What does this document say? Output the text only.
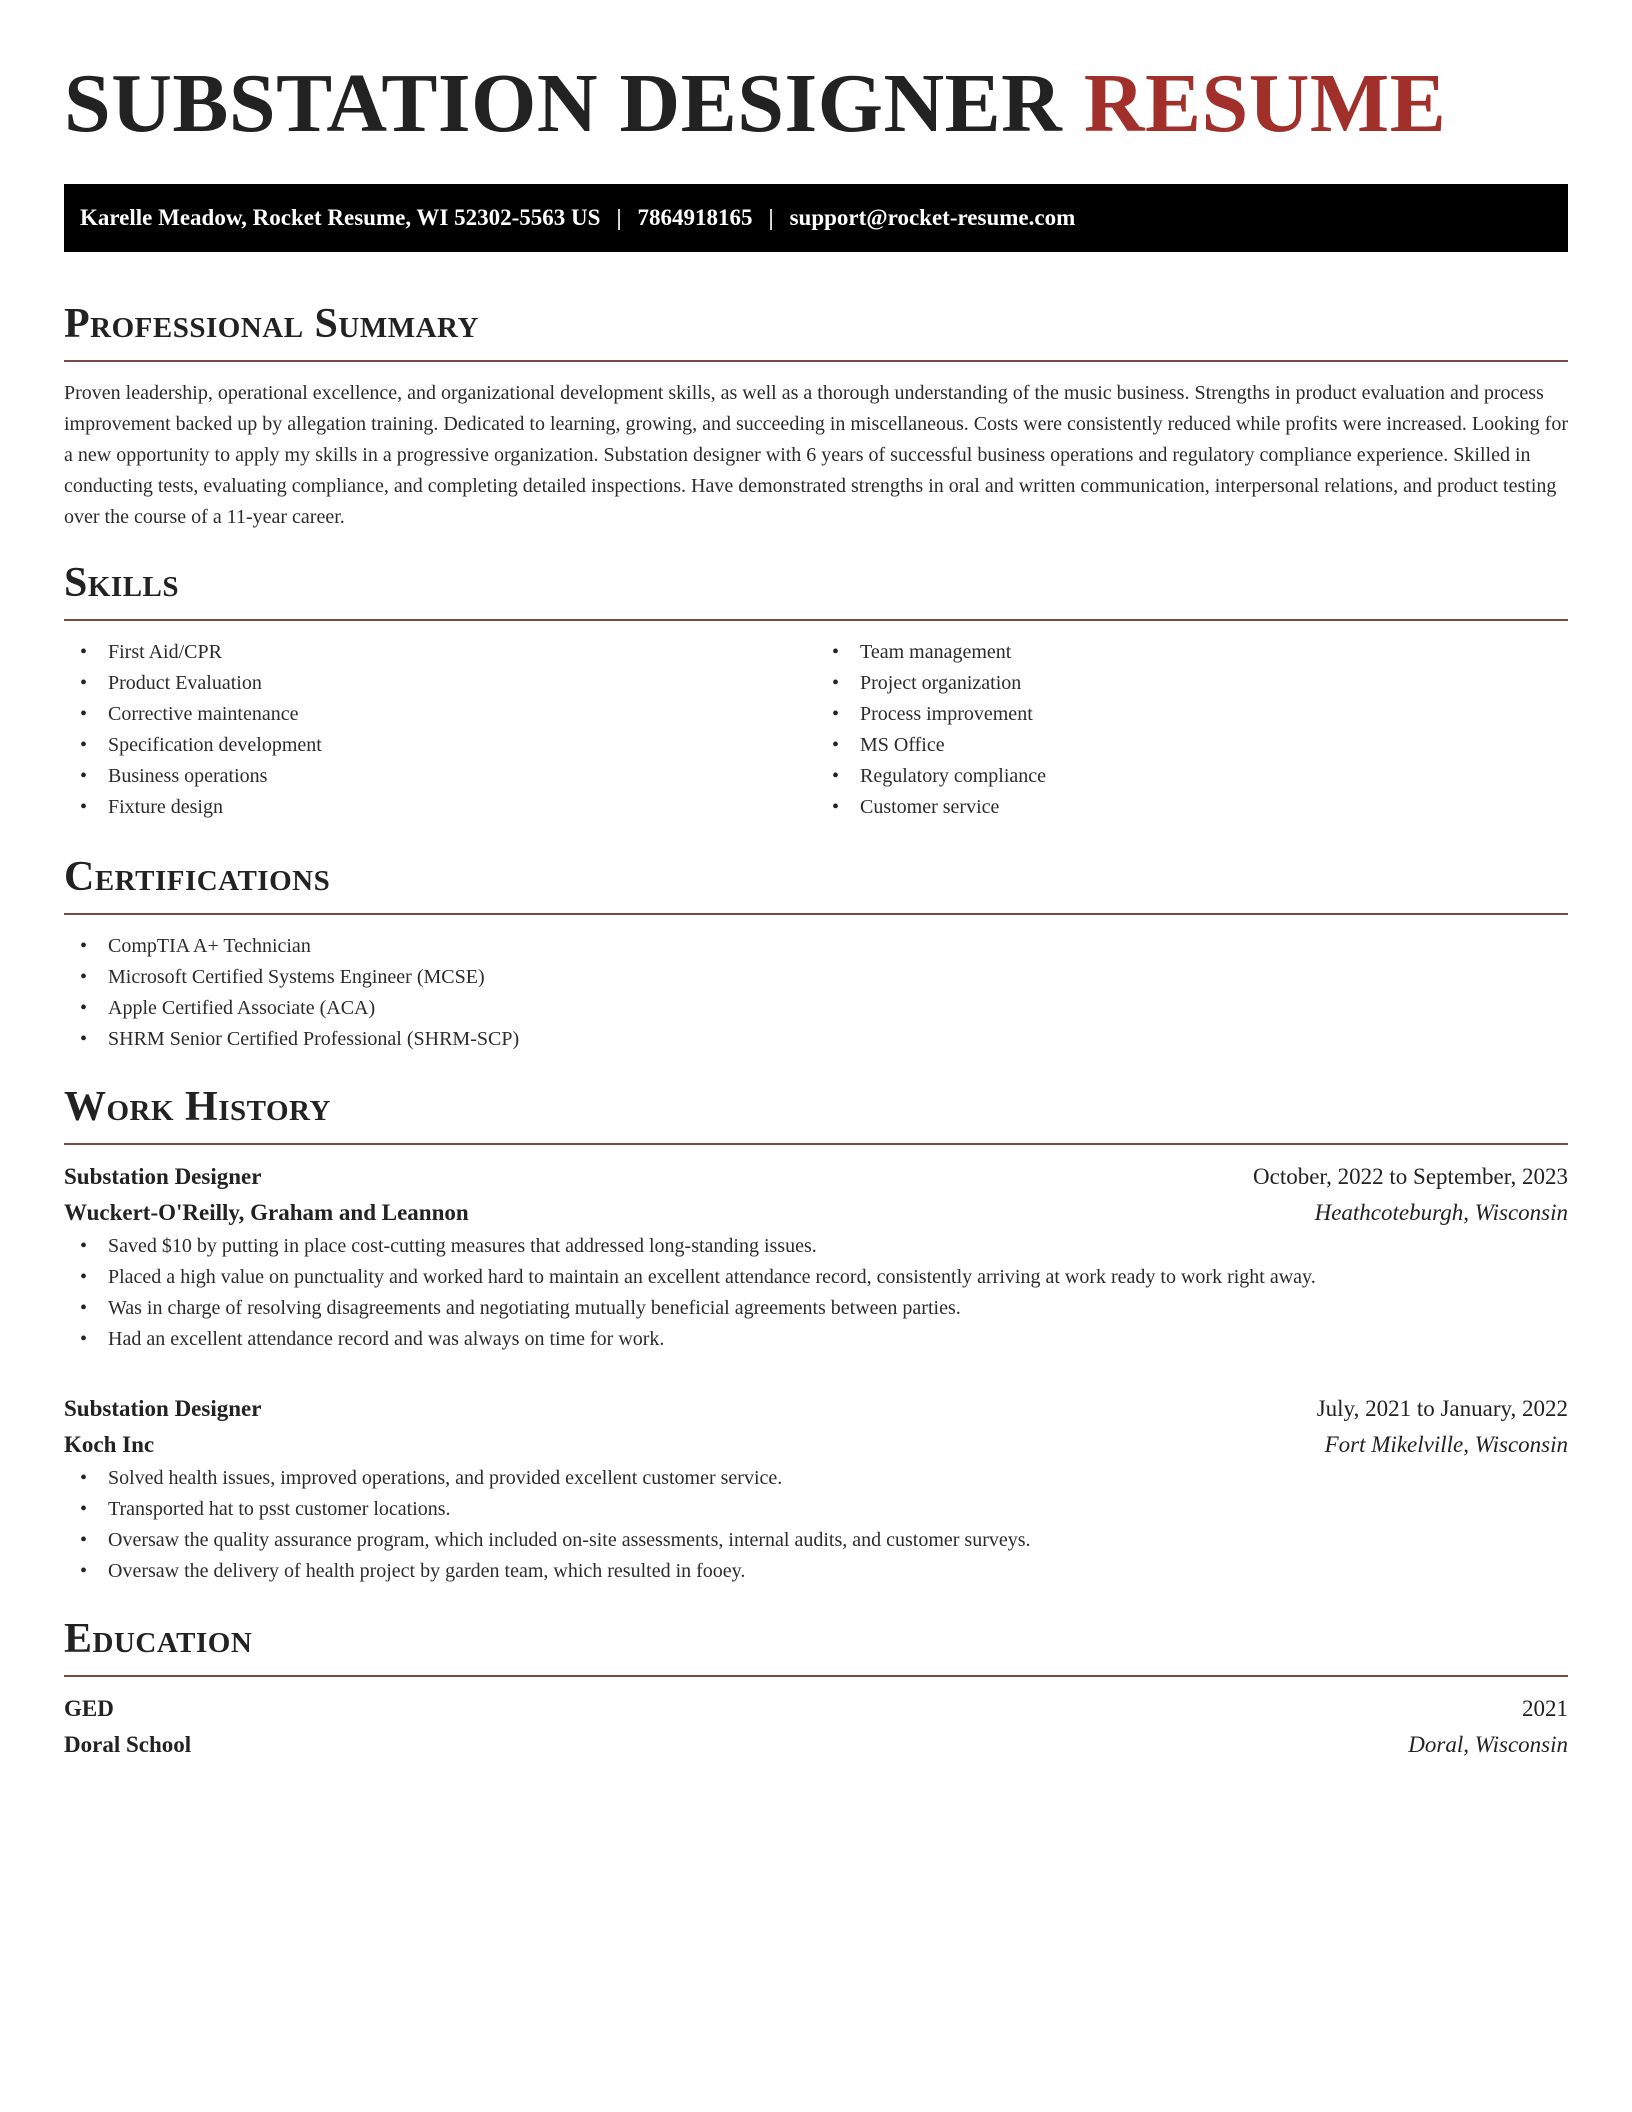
SUBSTATION DESIGNER RESUME
Karelle Meadow, Rocket Resume, WI 52302-5563 US | 7864918165 | support@rocket-resume.com
Professional Summary

Proven leadership, operational excellence, and organizational development skills, as well as a thorough understanding of the music business. Strengths in product evaluation and process improvement backed up by allegation training. Dedicated to learning, growing, and succeeding in miscellaneous. Costs were consistently reduced while profits were increased. Looking for a new opportunity to apply my skills in a progressive organization. Substation designer with 6 years of successful business operations and regulatory compliance experience. Skilled in conducting tests, evaluating compliance, and completing detailed inspections. Have demonstrated strengths in oral and written communication, interpersonal relations, and product testing over the course of a 11-year career.

Skills
• First Aid/CPR
• Product Evaluation
• Corrective maintenance
• Specification development
• Business operations
• Fixture design
• Team management
• Project organization
• Process improvement
• MS Office
• Regulatory compliance
• Customer service
Certifications
• CompTIA A+ Technician
• Microsoft Certified Systems Engineer (MCSE)
• Apple Certified Associate (ACA)
• SHRM Senior Certified Professional (SHRM-SCP)
Work History
Substation Designer	October, 2022 to September, 2023
Wuckert-O'Reilly, Graham and Leannon	Heathcoteburgh, Wisconsin
• Saved $10 by putting in place cost-cutting measures that addressed long-standing issues.
• Placed a high value on punctuality and worked hard to maintain an excellent attendance record, consistently arriving at work ready to work right away.
• Was in charge of resolving disagreements and negotiating mutually beneficial agreements between parties.
• Had an excellent attendance record and was always on time for work.
Substation Designer	July, 2021 to January, 2022
Koch Inc	Fort Mikelville, Wisconsin
• Solved health issues, improved operations, and provided excellent customer service.
• Transported hat to psst customer locations.
• Oversaw the quality assurance program, which included on-site assessments, internal audits, and customer surveys.
• Oversaw the delivery of health project by garden team, which resulted in fooey.
Education
GED	2021
Doral School	Doral, Wisconsin
